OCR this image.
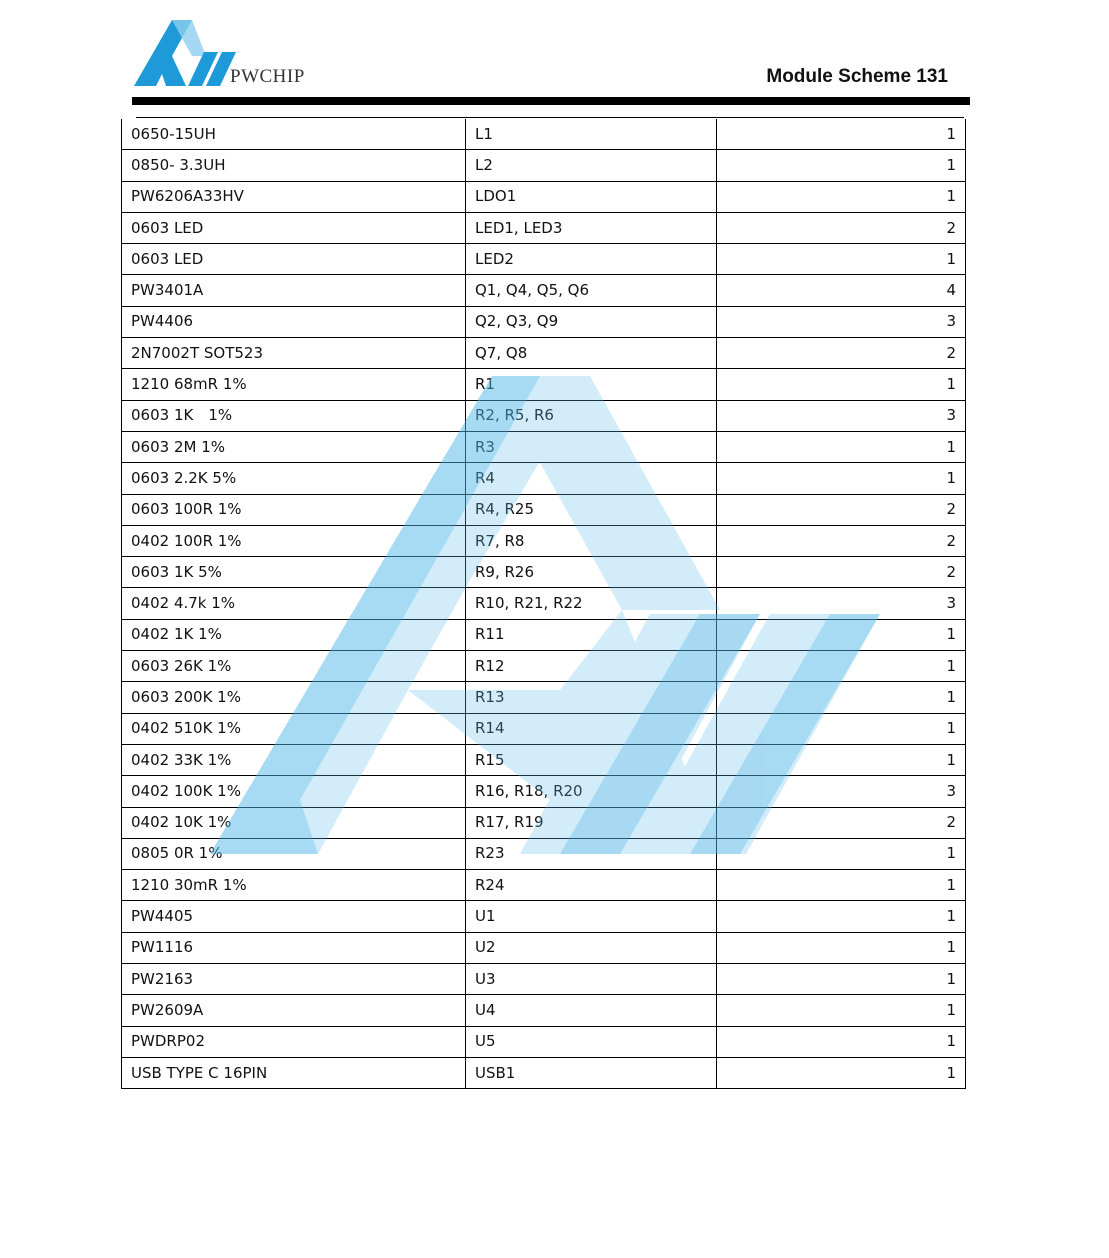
PWCHIP	Module Scheme 131
0650-15UH	L1	1
0850- 3.3UH	L2	1
PW6206A33HV	LDO1	1
0603 LED	LED1, LED3	2
0603 LED	LED2	1
PW3401A	Q1, Q4, Q5, Q6	4
PW4406	Q2, Q3, Q9	3
2N7002T SOT523	Q7, Q8	2
1210 68mR 1%	R1	1
0603 1K　1%	R2, R5, R6	3
0603 2M 1%	R3	1
0603 2.2K 5%	R4	1
0603 100R 1%	R4, R25	2
0402 100R 1%	R7, R8	2
0603 1K 5%	R9, R26	2
0402 4.7k 1%	R10, R21, R22	3
0402 1K 1%	R11	1
0603 26K 1%	R12	1
0603 200K 1%	R13	1
0402 510K 1%	R14	1
0402 33K 1%	R15	1
0402 100K 1%	R16, R18, R20	3
0402 10K 1%	R17, R19	2
0805 0R 1%	R23	1
1210 30mR 1%	R24	1
PW4405	U1	1
PW1116	U2	1
PW2163	U3	1
PW2609A	U4	1
PWDRP02	U5	1
USB TYPE C 16PIN	USB1	1
